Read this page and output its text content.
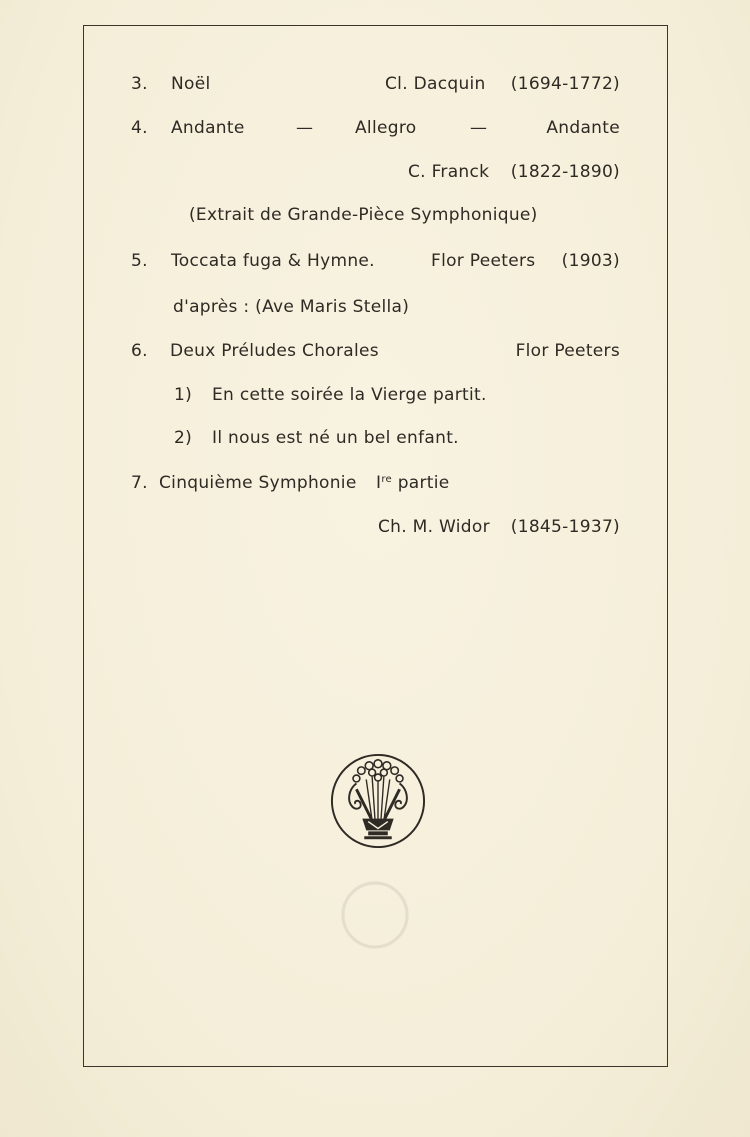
3. Noël	Cl. Dacquin	(1694-1772)
4. Andante	— Allegro	—	Andante
C. Franck	(1822-1890)
(Extrait de Grande-Pièce Symphonique)
5. Toccata fuga & Hymne.	Flor Peeters	(1903)
d'après : (Ave Maris Stella)
6. Deux Préludes Chorales	Flor Peeters
1) En cette soirée la Vierge partit.
2) Il nous est né un bel enfant.
7. Cinquième Symphonie Ire partie
Ch. M. Widor	(1845-1937)
